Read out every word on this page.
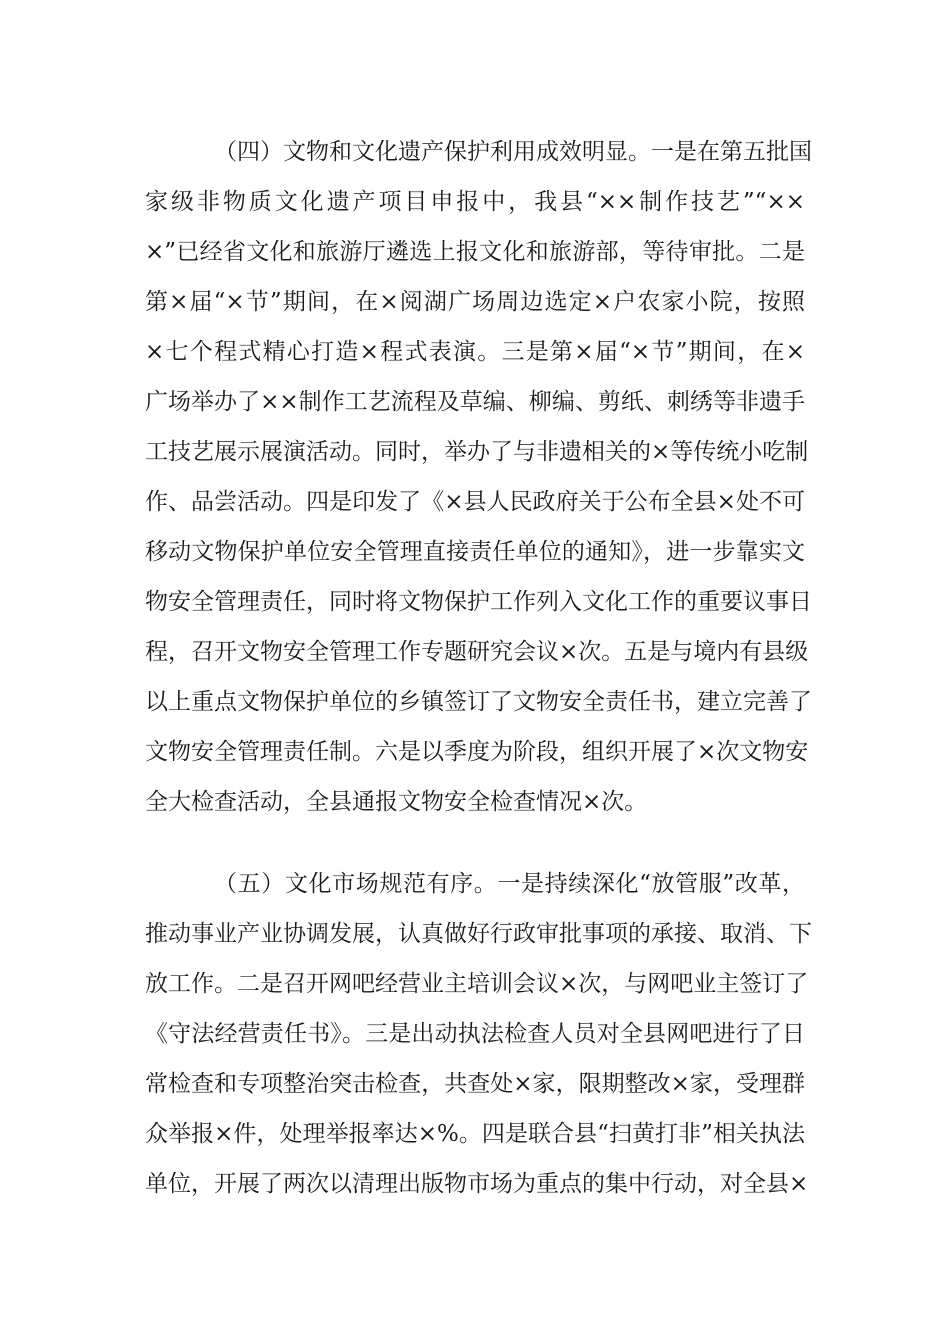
（四）文物和文化遗产保护利用成效明显。一是在第五批国
家级非物质文化遗产项目申报中，我县“××制作技艺”“××
×”已经省文化和旅游厅遴选上报文化和旅游部，等待审批。二是
第×届“×节”期间，在×阅湖广场周边选定×户农家小院，按照
×七个程式精心打造×程式表演。三是第×届“×节”期间，在×
广场举办了××制作工艺流程及草编、柳编、剪纸、刺绣等非遗手
工技艺展示展演活动。同时，举办了与非遗相关的×等传统小吃制
作、品尝活动。四是印发了《×县人民政府关于公布全县×处不可
移动文物保护单位安全管理直接责任单位的通知》，进一步靠实文
物安全管理责任，同时将文物保护工作列入文化工作的重要议事日
程，召开文物安全管理工作专题研究会议×次。五是与境内有县级
以上重点文物保护单位的乡镇签订了文物安全责任书，建立完善了
文物安全管理责任制。六是以季度为阶段，组织开展了×次文物安
全大检查活动，全县通报文物安全检查情况×次。
（五）文化市场规范有序。一是持续深化“放管服”改革，
推动事业产业协调发展，认真做好行政审批事项的承接、取消、下
放工作。二是召开网吧经营业主培训会议×次，与网吧业主签订了
《守法经营责任书》。三是出动执法检查人员对全县网吧进行了日
常检查和专项整治突击检查，共查处×家，限期整改×家，受理群
众举报×件，处理举报率达×%。四是联合县“扫黄打非”相关执法
单位，开展了两次以清理出版物市场为重点的集中行动，对全县×
